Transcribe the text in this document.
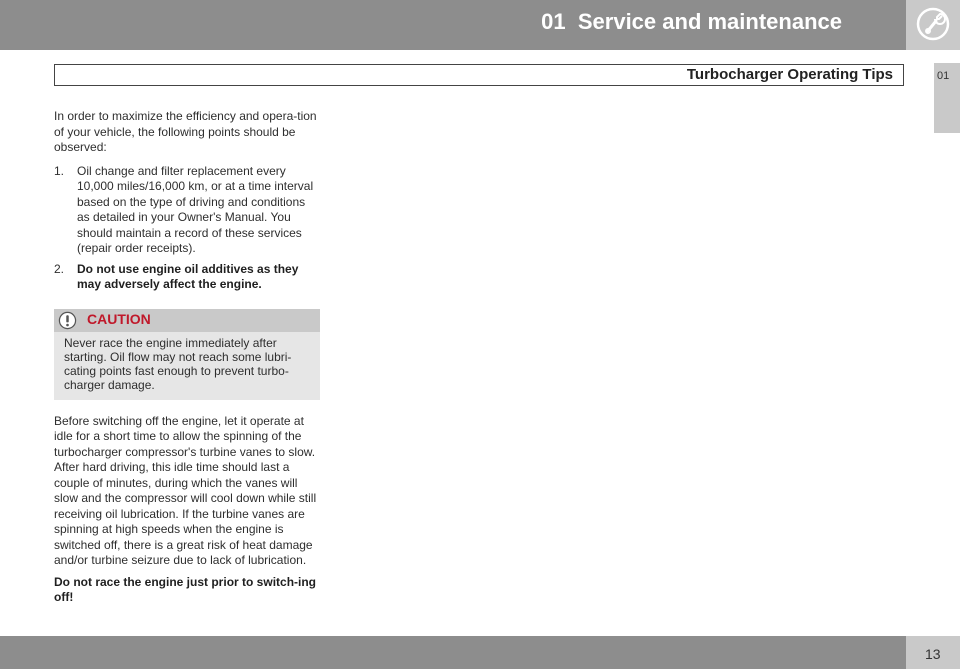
01  Service and maintenance
Turbocharger Operating Tips	01

In order to maximize the efficiency and opera-tion of your vehicle, the following points should be observed:

1. Oil change and filter replacement every 10,000 miles/16,000 km, or at a time interval based on the type of driving and conditions as detailed in your Owner's Manual. You should maintain a record of these services (repair order receipts).
2. Do not use engine oil additives as they may adversely affect the engine.
CAUTION
Never race the engine immediately after starting. Oil flow may not reach some lubri-cating points fast enough to prevent turbo-charger damage.

Before switching off the engine, let it operate at idle for a short time to allow the spinning of the turbocharger compressor's turbine vanes to slow. After hard driving, this idle time should last a couple of minutes, during which the vanes will slow and the compressor will cool down while still receiving oil lubrication. If the turbine vanes are spinning at high speeds when the engine is switched off, there is a great risk of heat damage and/or turbine seizure due to lack of lubrication.

Do not race the engine just prior to switch-ing off!

13
